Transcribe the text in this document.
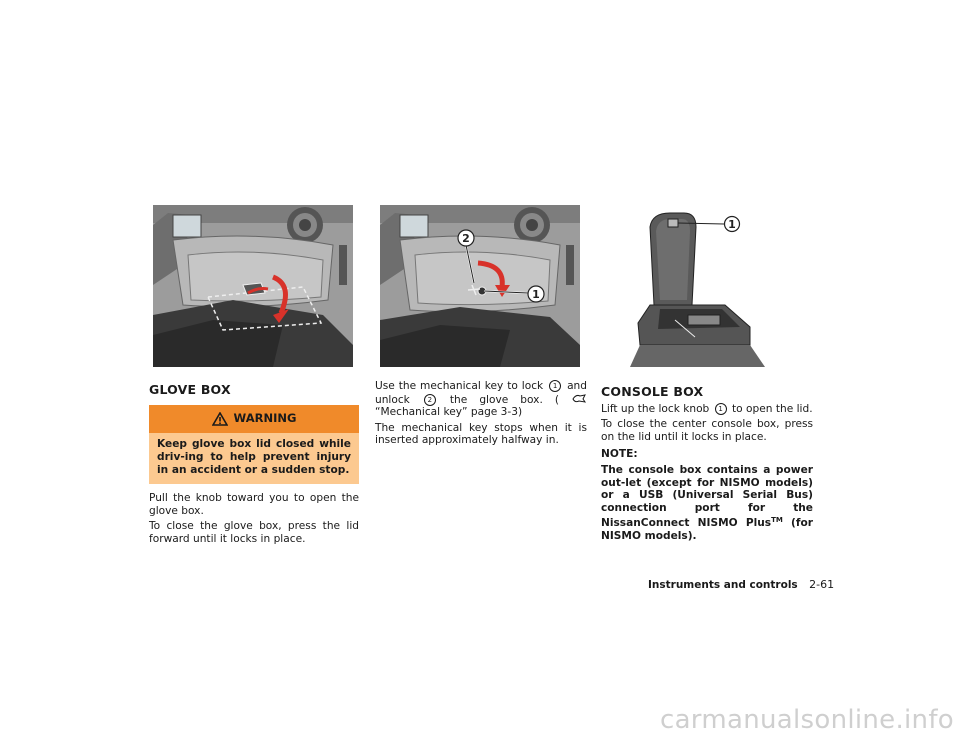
1
2
1
GLOVE BOX
WARNING
Keep glove box lid closed while driv-ing to help prevent injury in an accident or a sudden stop.

Pull the knob toward you to open the glove box.

To close the glove box, press the lid forward until it locks in place.

Use the mechanical key to lock 1 and unlock	2 the glove box. (  “Mechanical key” page 3-3)

The mechanical key stops when it is inserted approximately halfway in.

CONSOLE BOX

Lift up the lock knob 1 to open the lid.

To close the center console box, press on the lid until it locks in place.

NOTE:

The console box contains a power out-let (except for NISMO models) or a USB (Universal Serial Bus) connection port for the NissanConnect NISMO Plus™ (for NISMO models).

Instruments and controls 2-61
carmanualsonline.info
